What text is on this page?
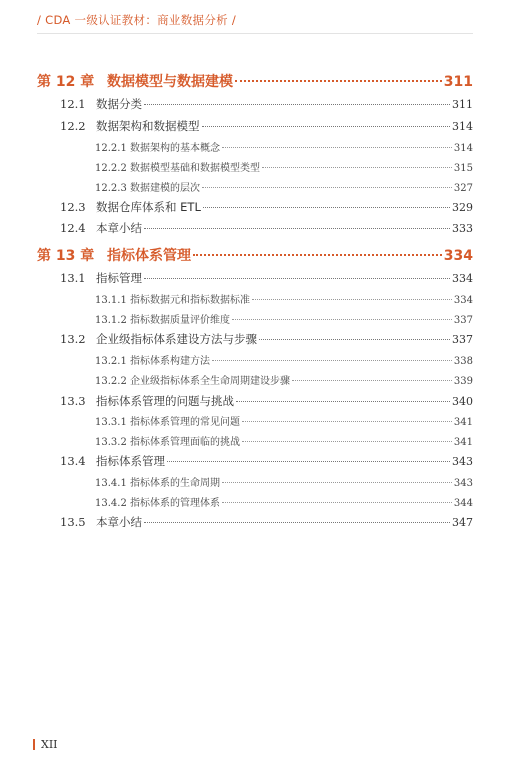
/ CDA 一级认证教材：商业数据分析 /
第 12 章 数据模型与数据建模	311
12.1 数据分类	311
12.2 数据架构和数据模型	314
12.2.1 数据架构的基本概念	314
12.2.2 数据模型基础和数据模型类型	315
12.2.3 数据建模的层次	327
12.3 数据仓库体系和 ETL	329
12.4 本章小结	333
第 13 章 指标体系管理	334
13.1 指标管理	334
13.1.1 指标数据元和指标数据标准	334
13.1.2 指标数据质量评价维度	337
13.2 企业级指标体系建设方法与步骤	337
13.2.1 指标体系构建方法	338
13.2.2 企业级指标体系全生命周期建设步骤	339
13.3 指标体系管理的问题与挑战	340
13.3.1 指标体系管理的常见问题	341
13.3.2 指标体系管理面临的挑战	341
13.4 指标体系管理	343
13.4.1 指标体系的生命周期	343
13.4.2 指标体系的管理体系	344
13.5 本章小结	347
XII
